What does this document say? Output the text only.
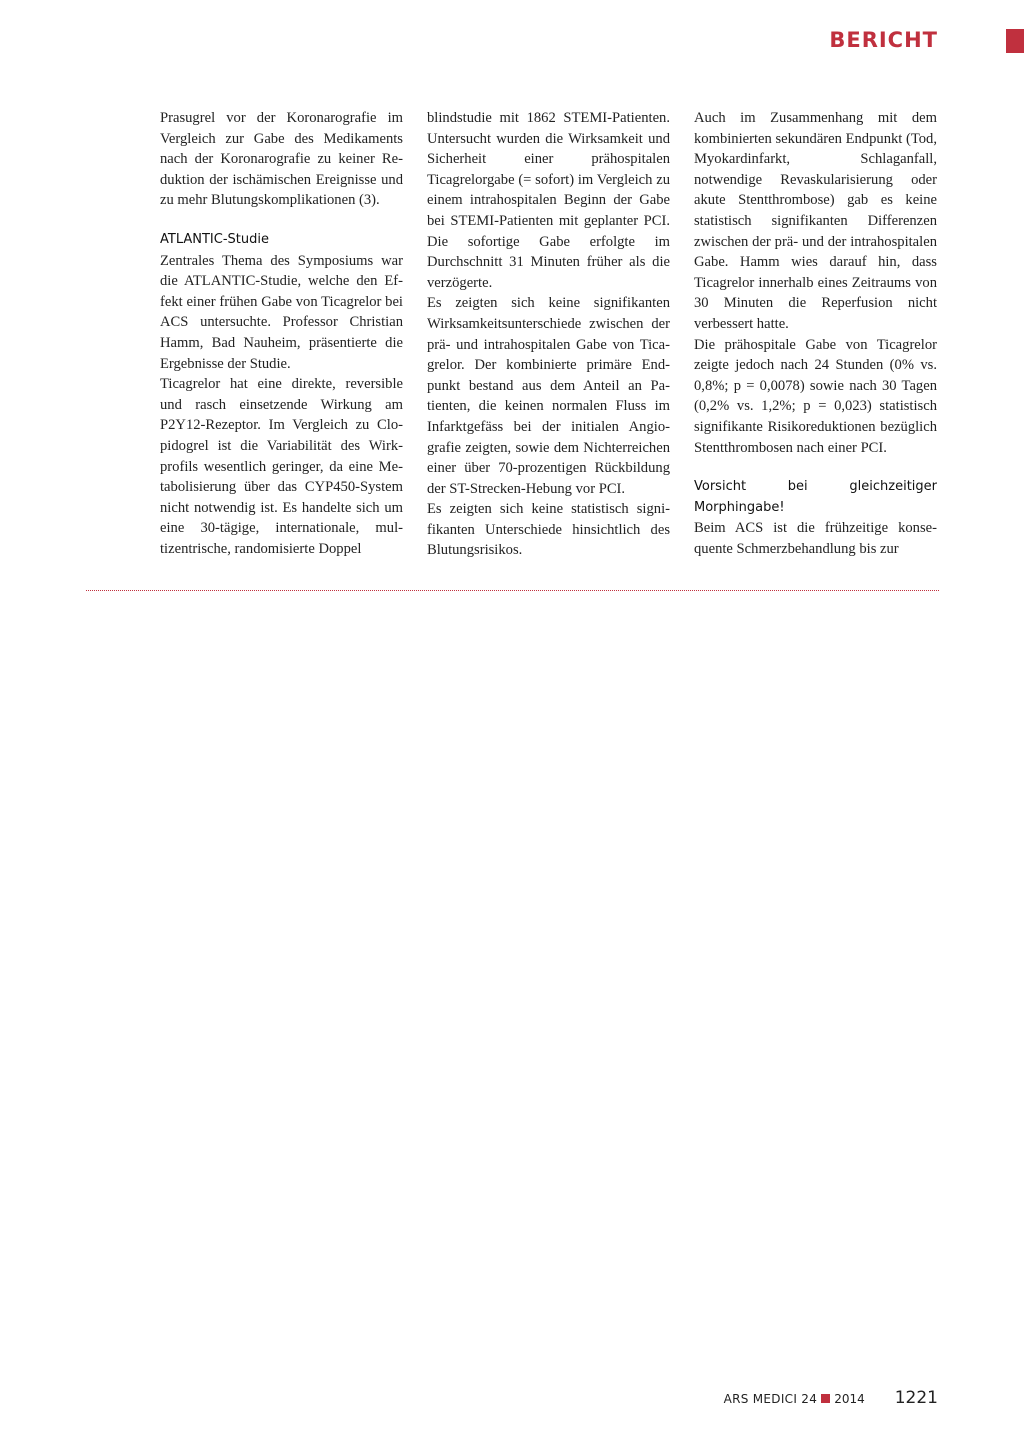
BERICHT

Prasugrel vor der Koronarografie im Vergleich zur Gabe des Medikaments nach der Koronarografie zu keiner Reduktion der ischämischen Ereignisse und zu mehr Blutungskomplikationen (3).

ATLANTIC-Studie

Zentrales Thema des Symposiums war die ATLANTIC-Studie, welche den Effekt einer frühen Gabe von Ticagrelor bei ACS untersuchte. Professor Christian Hamm, Bad Nauheim, präsentierte die Ergebnisse der Studie.

Ticagrelor hat eine direkte, reversible und rasch einsetzende Wirkung am P2Y12-Rezeptor. Im Vergleich zu Clopidogrel ist die Variabilität des Wirkprofils wesentlich geringer, da eine Metabolisierung über das CYP450-System nicht notwendig ist. Es handelte sich um eine 30-tägige, internationale, multizentrische, randomisierte Doppel

blindstudie mit 1862 STEMI-Patienten. Untersucht wurden die Wirksamkeit und Sicherheit einer prähospitalen Ticagrelorgabe (= sofort) im Vergleich zu einem intrahospitalen Beginn der Gabe bei STEMI-Patienten mit geplanter PCI. Die sofortige Gabe erfolgte im Durchschnitt 31 Minuten früher als die verzögerte.

Es zeigten sich keine signifikanten Wirksamkeitsunterschiede zwischen der prä- und intrahospitalen Gabe von Ticagrelor. Der kombinierte primäre Endpunkt bestand aus dem Anteil an Patienten, die keinen normalen Fluss im Infarktgefäss bei der initialen Angiografie zeigten, sowie dem Nichterreichen einer über 70-prozentigen Rückbildung der ST-Strecken-Hebung vor PCI.

Es zeigten sich keine statistisch signifikanten Unterschiede hinsichtlich des Blutungsrisikos.

Auch im Zusammenhang mit dem kombinierten sekundären Endpunkt (Tod, Myokardinfarkt, Schlaganfall, notwendige Revaskularisierung oder akute Stentthrombose) gab es keine statistisch signifikanten Differenzen zwischen der prä- und der intrahospitalen Gabe. Hamm wies darauf hin, dass Ticagrelor innerhalb eines Zeitraums von 30 Minuten die Reperfusion nicht verbessert hatte.

Die prähospitale Gabe von Ticagrelor zeigte jedoch nach 24 Stunden (0% vs. 0,8%; p = 0,0078) sowie nach 30 Tagen (0,2% vs. 1,2%; p = 0,023) statistisch signifikante Risikoreduktionen bezüglich Stentthrombosen nach einer PCI.

Vorsicht bei gleichzeitiger Morphingabe!

Beim ACS ist die frühzeitige konsequente Schmerzbehandlung bis zur

ARS MEDICI 24 2014 1221
